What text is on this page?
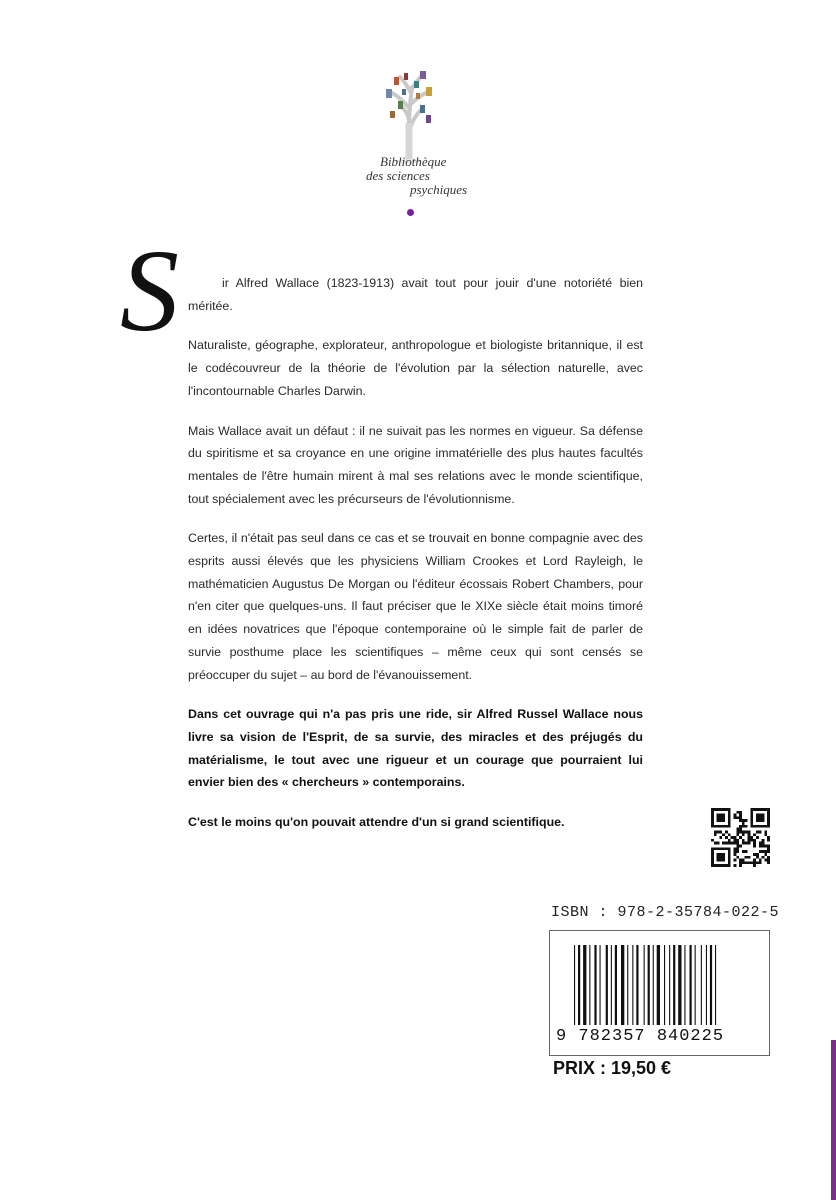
Bibliothèque
des sciences
psychiques
S	ir Alfred Wallace (1823-1913) avait tout pour jouir d'une notoriété bien méritée.

Naturaliste, géographe, explorateur, anthropologue et biologiste britannique, il est le codécouvreur de la théorie de l'évolution par la sélection naturelle, avec l'incontournable Charles Darwin.

Mais Wallace avait un défaut : il ne suivait pas les normes en vigueur. Sa défense du spiritisme et sa croyance en une origine immatérielle des plus hautes facultés mentales de l'être humain mirent à mal ses relations avec le monde scientifique, tout spécialement avec les précurseurs de l'évolutionnisme.

Certes, il n'était pas seul dans ce cas et se trouvait en bonne compagnie avec des esprits aussi élevés que les physiciens William Crookes et Lord Rayleigh, le mathématicien Augustus De Morgan ou l'éditeur écossais Robert Chambers, pour n'en citer que quelques-uns. Il faut préciser que le XIXe siècle était moins timoré en idées novatrices que l'époque contemporaine où le simple fait de parler de survie posthume place les scientifiques – même ceux qui sont censés se préoccuper du sujet – au bord de l'évanouissement.

Dans cet ouvrage qui n'a pas pris une ride, sir Alfred Russel Wallace nous livre sa vision de l'Esprit, de sa survie, des miracles et des préjugés du matérialisme, le tout avec une rigueur et un courage que pourraient lui envier bien des « chercheurs » contemporains.

C'est le moins qu'on pouvait attendre d'un si grand scientifique.

ISBN : 978-2-35784-022-5
9 782357 840225
PRIX : 19,50 €
